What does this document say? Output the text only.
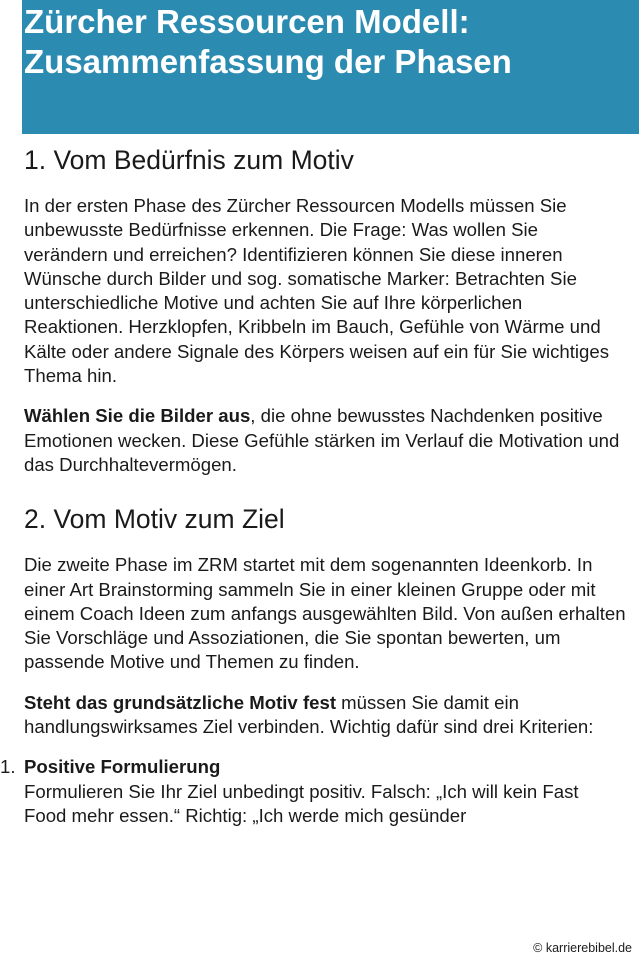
Zürcher Ressourcen Modell:
Zusammenfassung der Phasen
1. Vom Bedürfnis zum Motiv

In der ersten Phase des Zürcher Ressourcen Modells müssen Sie unbewusste Bedürfnisse erkennen. Die Frage: Was wollen Sie verändern und erreichen? Identifizieren können Sie diese inneren Wünsche durch Bilder und sog. somatische Marker: Betrachten Sie unterschiedliche Motive und achten Sie auf Ihre körperlichen Reaktionen. Herzklopfen, Kribbeln im Bauch, Gefühle von Wärme und Kälte oder andere Signale des Körpers weisen auf ein für Sie wichtiges Thema hin.

Wählen Sie die Bilder aus, die ohne bewusstes Nachdenken positive Emotionen wecken. Diese Gefühle stärken im Verlauf die Motivation und das Durchhaltevermögen.

2. Vom Motiv zum Ziel

Die zweite Phase im ZRM startet mit dem sogenannten Ideenkorb. In einer Art Brainstorming sammeln Sie in einer kleinen Gruppe oder mit einem Coach Ideen zum anfangs ausgewählten Bild. Von außen erhalten Sie Vorschläge und Assoziationen, die Sie spontan bewerten, um passende Motive und Themen zu finden.

Steht das grundsätzliche Motiv fest müssen Sie damit ein handlungswirksames Ziel verbinden. Wichtig dafür sind drei Kriterien:

1. Positive Formulierung
Formulieren Sie Ihr Ziel unbedingt positiv. Falsch: „Ich will kein Fast Food mehr essen.“ Richtig: „Ich werde mich gesünder
© karrierebibel.de
